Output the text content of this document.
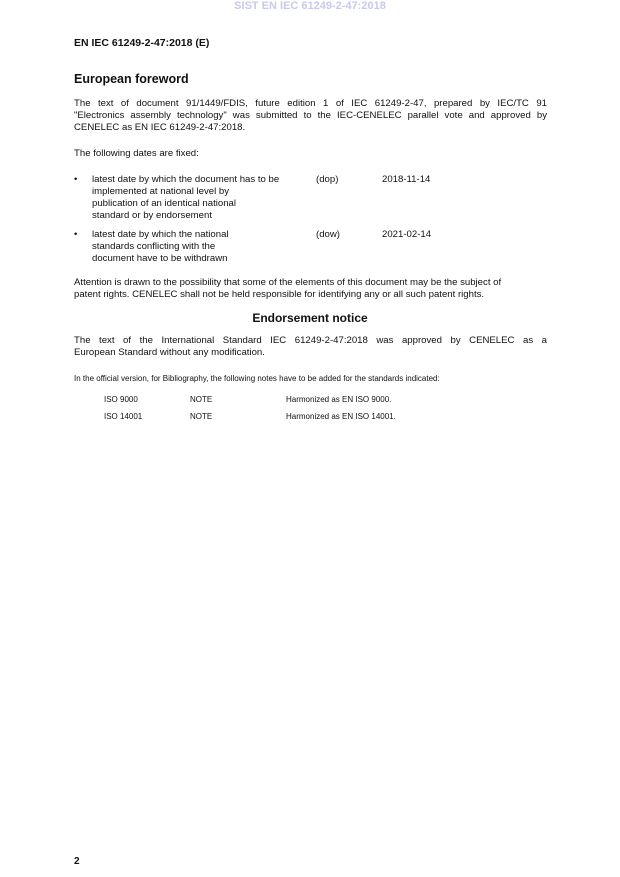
SIST EN IEC 61249-2-47:2018
EN IEC 61249-2-47:2018 (E)
European foreword
The text of document 91/1449/FDIS, future edition 1 of IEC 61249-2-47, prepared by IEC/TC 91
"Electronics assembly technology" was submitted to the IEC-CENELEC parallel vote and approved by
CENELEC as EN IEC 61249-2-47:2018.
The following dates are fixed:
• latest date by which the document has to be
implemented at national level by
publication of an identical national
standard or by endorsement
(dop)	2018-11-14
• latest date by which the national
standards conflicting with the
document have to be withdrawn
(dow)	2021-02-14
Attention is drawn to the possibility that some of the elements of this document may be the subject of
patent rights. CENELEC shall not be held responsible for identifying any or all such patent rights.
Endorsement notice
The text of the International Standard IEC 61249-2-47:2018 was approved by CENELEC as a
European Standard without any modification.
In the official version, for Bibliography, the following notes have to be added for the standards indicated:
ISO 9000	NOTE	Harmonized as EN ISO 9000.
ISO 14001	NOTE	Harmonized as EN ISO 14001.
2
